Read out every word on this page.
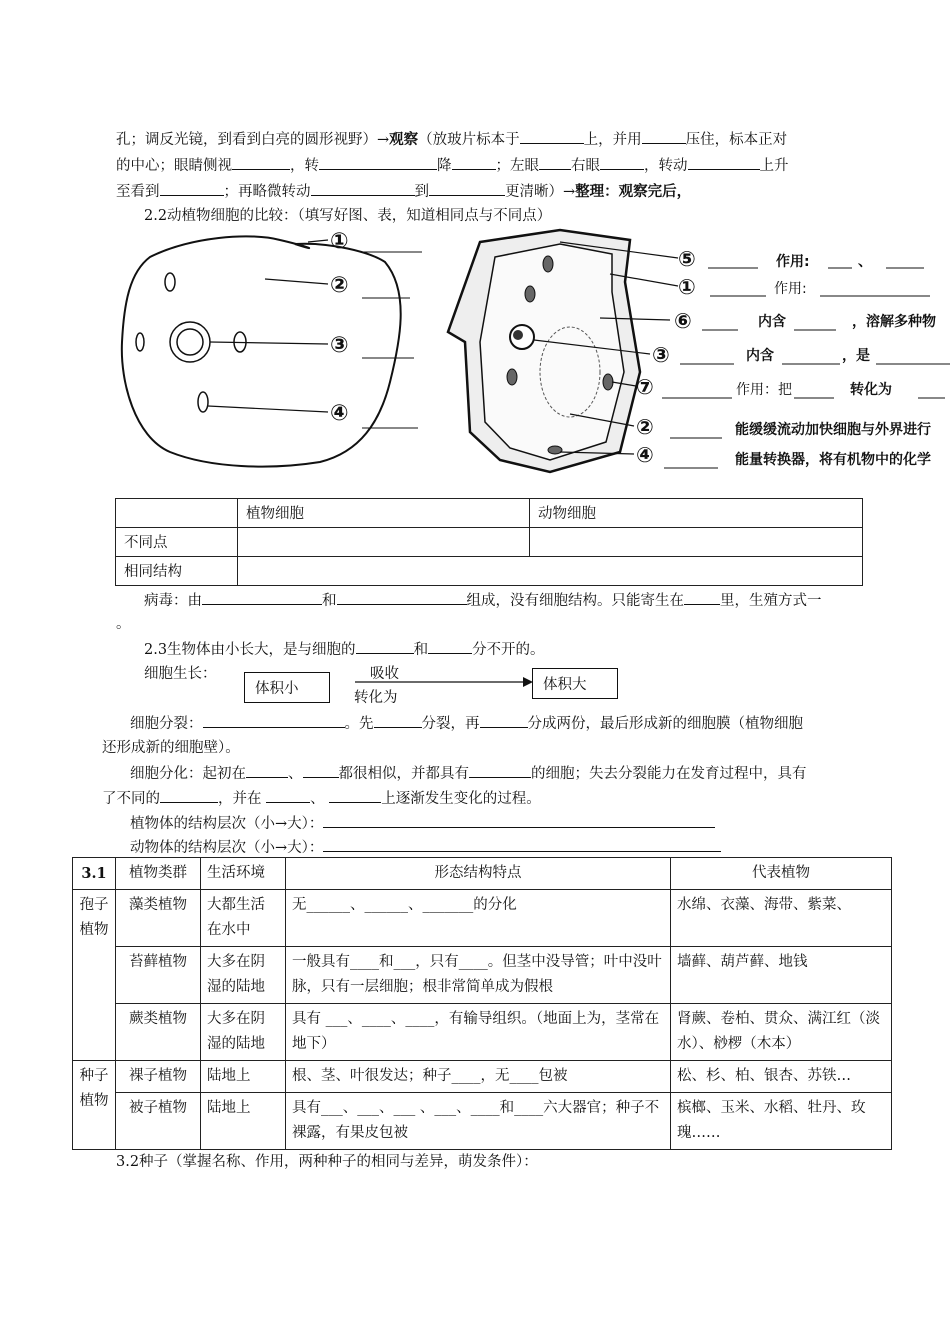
孔；调反光镜，到看到白亮的圆形视野）→观察（放玻片标本于	上，并用	压住，标本正对
的中心；眼睛侧视	，转	降	；左眼 右眼	，转动	上升
至看到	；再略微转动	到	更清晰）→整理：观察完后，
2.2动植物细胞的比较：（填写好图、表，知道相同点与不同点）
①
②
③
④
⑤
①
⑥
③
⑦
②
④
作用:	、
作用:
内含	，溶解多种物
内含	，是
作用：把	转化为
能缓缓流动加快细胞与外界进行
能量转换器，将有机物中的化学
	植物细胞	动物细胞
不同点		
相同结构		
病毒：由	和	组成，没有细胞结构。只能寄生在 里，生殖方式一
。
2.3生物体由小长大，是与细胞的	和	分不开的。
细胞生长：
体积小
吸收
转化为
体积大
细胞分裂：	。先	分裂，再	分成两份，最后形成新的细胞膜（植物细胞
还形成新的细胞壁）。
细胞分化：起初在	、 都很相似，并都具有	的细胞；失去分裂能力在发育过程中，具有
了不同的	，并在	、	上逐渐发生变化的过程。
植物体的结构层次（小→大）：
动物体的结构层次（小→大）：
3.1	植物类群	生活环境	形态结构特点	代表植物
孢子植物	藻类植物	大都生活在水中	无______、______、_______的分化	水绵、衣藻、海带、紫菜、
	苔藓植物	大多在阴湿的陆地	一般具有____和___，只有____。但茎中没导管；叶中没叶脉，只有一层细胞；根非常简单成为假根	墙藓、葫芦藓、地钱
	蕨类植物	大多在阴湿的陆地	具有 ___、____、____，有输导组织。（地面上为，茎常在地下）	肾蕨、卷柏、贯众、满江红（淡水）、桫椤（木本）
种子植物	裸子植物	陆地上	根、茎、叶很发达；种子____，无____包被	松、杉、柏、银杏、苏铁…
	被子植物	陆地上	具有___、___、___ 、___、____和____六大器官；种子不裸露，有果皮包被	槟榔、玉米、水稻、牡丹、玫瑰……
3.2种子（掌握名称、作用，两种种子的相同与差异，萌发条件）：
